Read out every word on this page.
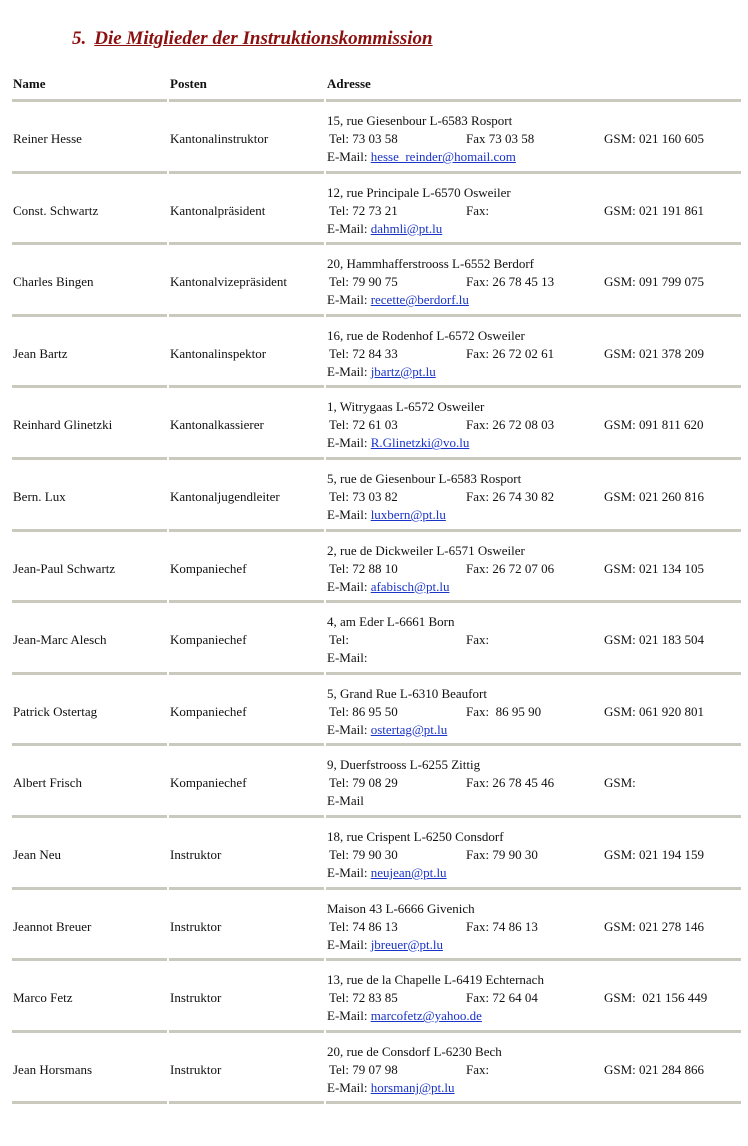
5. Die Mitglieder der Instruktionskommission
Name	Posten	Adresse
Reiner Hesse	Kantonalinstruktor
15, rue Giesenbour L-6583 Rosport
Tel: 73 03 58	Fax 73 03 58	GSM: 021 160 605
E-Mail: hesse_reinder@homail.com
Const. Schwartz	Kantonalpräsident
12, rue Principale L-6570 Osweiler
Tel: 72 73 21	Fax:	GSM: 021 191 861
E-Mail: dahmli@pt.lu
Charles Bingen	Kantonalvizepräsident
20, Hammhafferstrooss L-6552 Berdorf
Tel: 79 90 75	Fax: 26 78 45 13	GSM: 091 799 075
E-Mail: recette@berdorf.lu
Jean Bartz	Kantonalinspektor
16, rue de Rodenhof L-6572 Osweiler
Tel: 72 84 33	Fax: 26 72 02 61	GSM: 021 378 209
E-Mail: jbartz@pt.lu
Reinhard Glinetzki	Kantonalkassierer
1, Witrygaas L-6572 Osweiler
Tel: 72 61 03	Fax: 26 72 08 03	GSM: 091 811 620
E-Mail: R.Glinetzki@vo.lu
Bern. Lux	Kantonaljugendleiter
5, rue de Giesenbour L-6583 Rosport
Tel: 73 03 82	Fax: 26 74 30 82	GSM: 021 260 816
E-Mail: luxbern@pt.lu
Jean-Paul Schwartz	Kompaniechef
2, rue de Dickweiler L-6571 Osweiler
Tel: 72 88 10	Fax: 26 72 07 06	GSM: 021 134 105
E-Mail: afabisch@pt.lu
Jean-Marc Alesch	Kompaniechef
4, am Eder L-6661 Born
Tel:	Fax:	GSM: 021 183 504
E-Mail:
Patrick Ostertag	Kompaniechef
5, Grand Rue L-6310 Beaufort
Tel: 86 95 50	Fax:  86 95 90	GSM: 061 920 801
E-Mail: ostertag@pt.lu
Albert Frisch	Kompaniechef
9, Duerfstrooss L-6255 Zittig
Tel: 79 08 29	Fax: 26 78 45 46	GSM:
E-Mail
Jean Neu	Instruktor
18, rue Crispent L-6250 Consdorf
Tel: 79 90 30	Fax: 79 90 30	GSM: 021 194 159
E-Mail: neujean@pt.lu
Jeannot Breuer	Instruktor
Maison 43 L-6666 Givenich
Tel: 74 86 13	Fax: 74 86 13	GSM: 021 278 146
E-Mail: jbreuer@pt.lu
Marco Fetz	Instruktor
13, rue de la Chapelle L-6419 Echternach
Tel: 72 83 85	Fax: 72 64 04	GSM:  021 156 449
E-Mail: marcofetz@yahoo.de
Jean Horsmans	Instruktor
20, rue de Consdorf L-6230 Bech
Tel: 79 07 98	Fax:	GSM: 021 284 866
E-Mail: horsmanj@pt.lu
